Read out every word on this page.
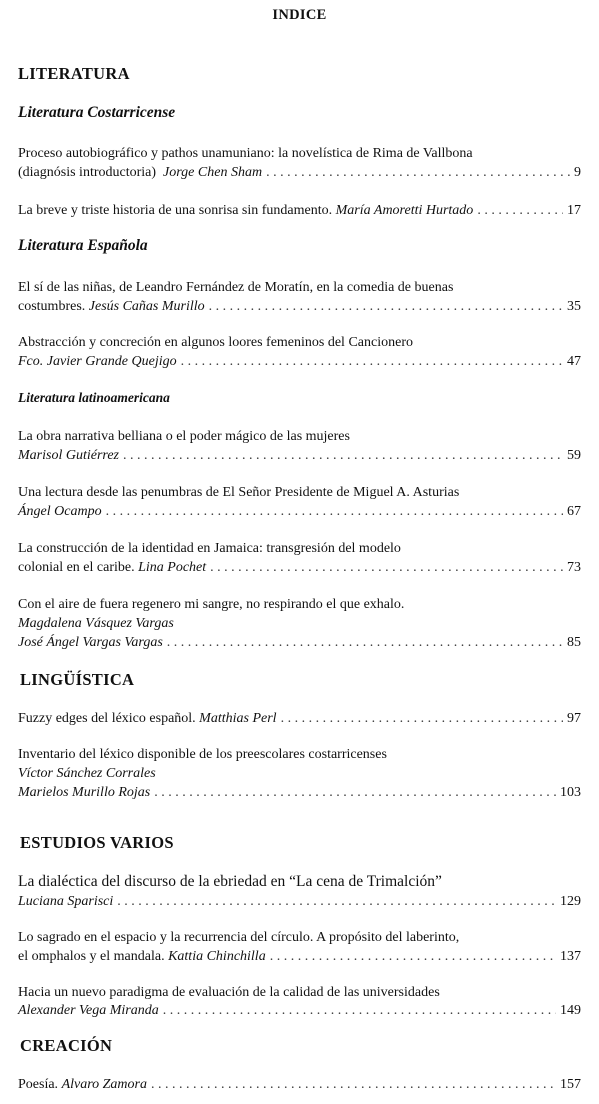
INDICE
LITERATURA
Literatura Costarricense
Proceso autobiográfico y pathos unamuniano: la novelística de Rima de Vallbona
(diagnósis introductoria) Jorge Chen Sham . . .	9
La breve y triste historia de una sonrisa sin fundamento. María Amoretti Hurtado . . .	17
Literatura Española
El sí de las niñas, de Leandro Fernández de Moratín, en la comedia de buenas
costumbres. Jesús Cañas Murillo . . .	35
Abstracción y concreción en algunos loores femeninos del Cancionero
Fco. Javier Grande Quejigo . . .	47
Literatura latinoamericana
La obra narrativa belliana o el poder mágico de las mujeres
Marisol Gutiérrez . . .	59
Una lectura desde las penumbras de El Señor Presidente de Miguel A. Asturias
Ángel Ocampo . . .	67
La construcción de la identidad en Jamaica: transgresión del modelo
colonial en el caribe. Lina Pochet . . .	73
Con el aire de fuera regenero mi sangre, no respirando el que exhalo.
Magdalena Vásquez Vargas
José Ángel Vargas Vargas . . .	85
LINGÜÍSTICA
Fuzzy edges del léxico español. Matthias Perl . . .	97
Inventario del léxico disponible de los preescolares costarricenses
Víctor Sánchez Corrales
Marielos Murillo Rojas . . .	103
ESTUDIOS VARIOS
La dialéctica del discurso de la ebriedad en “La cena de Trimalción”
Luciana Sparisci . . .	129
Lo sagrado en el espacio y la recurrencia del círculo. A propósito del laberinto,
el omphalos y el mandala. Kattia Chinchilla . . .	137
Hacia un nuevo paradigma de evaluación de la calidad de las universidades
Alexander Vega Miranda . . .	149
CREACIÓN
Poesía. Alvaro Zamora . . .	157
